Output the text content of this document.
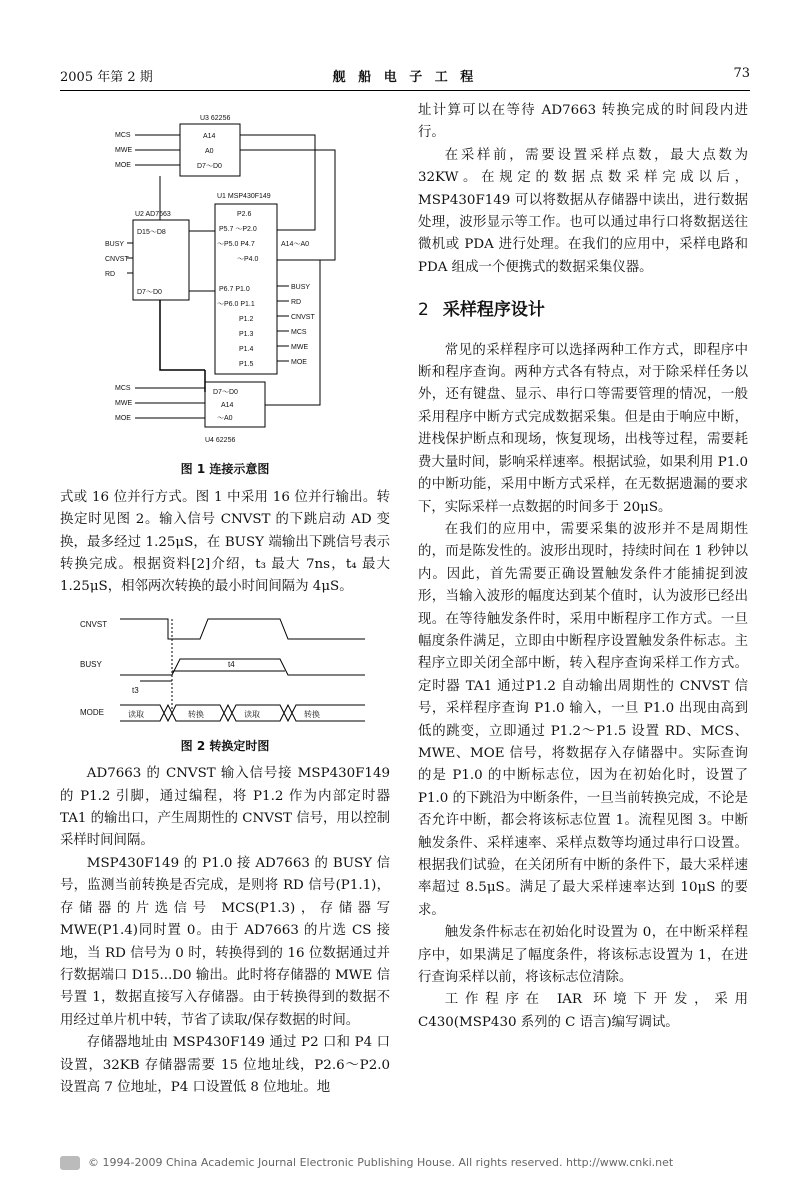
2005 年第 2 期	舰 船 电 子 工 程	73
U3 62256
A14
A0
D7～D0
MCS
MWE
MOE
U1 MSP430F149
P2.6
P5.7 ～P2.0
～P5.0 P4.7
～P4.0
P6.7 P1.0
～P6.0 P1.1
P1.2
P1.3
P1.4
P1.5
A14～A0
BUSY
RD
CNVST
MCS
MWE
MOE
U2 AD7663
D15～D8
D7～D0
BUSY
CNVST
RD
D7～D0
A14
～A0
MCS
MWE
MOE
U4 62256
图 1 连接示意图

式或 16 位并行方式。图 1 中采用 16 位并行输出。转换定时见图 2。输入信号 CNVST 的下跳启动 AD 变换，最多经过 1.25μS，在 BUSY 端输出下跳信号表示转换完成。根据资料[2]介绍，t₃ 最大 7ns，t₄ 最大 1.25μS，相邻两次转换的最小时间间隔为 4μS。

CNVST
BUSY
t3
t4
MODE	读取	转换	读取	转换
图 2 转换定时图

AD7663 的 CNVST 输入信号接 MSP430F149 的 P1.2 引脚，通过编程，将 P1.2 作为内部定时器 TA1 的输出口，产生周期性的 CNVST 信号，用以控制采样时间间隔。

MSP430F149 的 P1.0 接 AD7663 的 BUSY 信号，监测当前转换是否完成，是则将 RD 信号(P1.1)，存储器的片选信号 MCS(P1.3)，存储器写 MWE(P1.4)同时置 0。由于 AD7663 的片选 CS 接地，当 RD 信号为 0 时，转换得到的 16 位数据通过并行数据端口 D15...D0 输出。此时将存储器的 MWE 信号置 1，数据直接写入存储器。由于转换得到的数据不用经过单片机中转，节省了读取/保存数据的时间。

存储器地址由 MSP430F149 通过 P2 口和 P4 口设置，32KB 存储器需要 15 位地址线，P2.6～P2.0 设置高 7 位地址，P4 口设置低 8 位地址。地

址计算可以在等待 AD7663 转换完成的时间段内进行。

在采样前，需要设置采样点数，最大点数为 32KW。在规定的数据点数采样完成以后，MSP430F149 可以将数据从存储器中读出，进行数据处理，波形显示等工作。也可以通过串行口将数据送往微机或 PDA 进行处理。在我们的应用中，采样电路和 PDA 组成一个便携式的数据采集仪器。

2 采样程序设计

常见的采样程序可以选择两种工作方式，即程序中断和程序查询。两种方式各有特点，对于除采样任务以外，还有键盘、显示、串行口等需要管理的情况，一般采用程序中断方式完成数据采集。但是由于响应中断，进栈保护断点和现场，恢复现场，出栈等过程，需要耗费大量时间，影响采样速率。根据试验，如果利用 P1.0 的中断功能，采用中断方式采样，在无数据遗漏的要求下，实际采样一点数据的时间多于 20μS。

在我们的应用中，需要采集的波形并不是周期性的，而是陈发性的。波形出现时，持续时间在 1 秒钟以内。因此，首先需要正确设置触发条件才能捕捉到波形，当输入波形的幅度达到某个值时，认为波形已经出现。在等待触发条件时，采用中断程序工作方式。一旦幅度条件满足，立即由中断程序设置触发条件标志。主程序立即关闭全部中断，转入程序查询采样工作方式。定时器 TA1 通过P1.2 自动输出周期性的 CNVST 信号，采样程序查询 P1.0 输入，一旦 P1.0 出现由高到低的跳变，立即通过 P1.2～P1.5 设置 RD、MCS、MWE、MOE 信号，将数据存入存储器中。实际查询的是 P1.0 的中断标志位，因为在初始化时，设置了 P1.0 的下跳沿为中断条件，一旦当前转换完成，不论是否允许中断，都会将该标志位置 1。流程见图 3。中断触发条件、采样速率、采样点数等均通过串行口设置。根据我们试验，在关闭所有中断的条件下，最大采样速率超过 8.5μS。满足了最大采样速率达到 10μS 的要求。

触发条件标志在初始化时设置为 0，在中断采样程序中，如果满足了幅度条件，将该标志设置为 1，在进行查询采样以前，将该标志位清除。

工作程序在 IAR 环境下开发，采用 C430(MSP430 系列的 C 语言)编写调试。

© 1994-2009 China Academic Journal Electronic Publishing House. All rights reserved. http://www.cnki.net
